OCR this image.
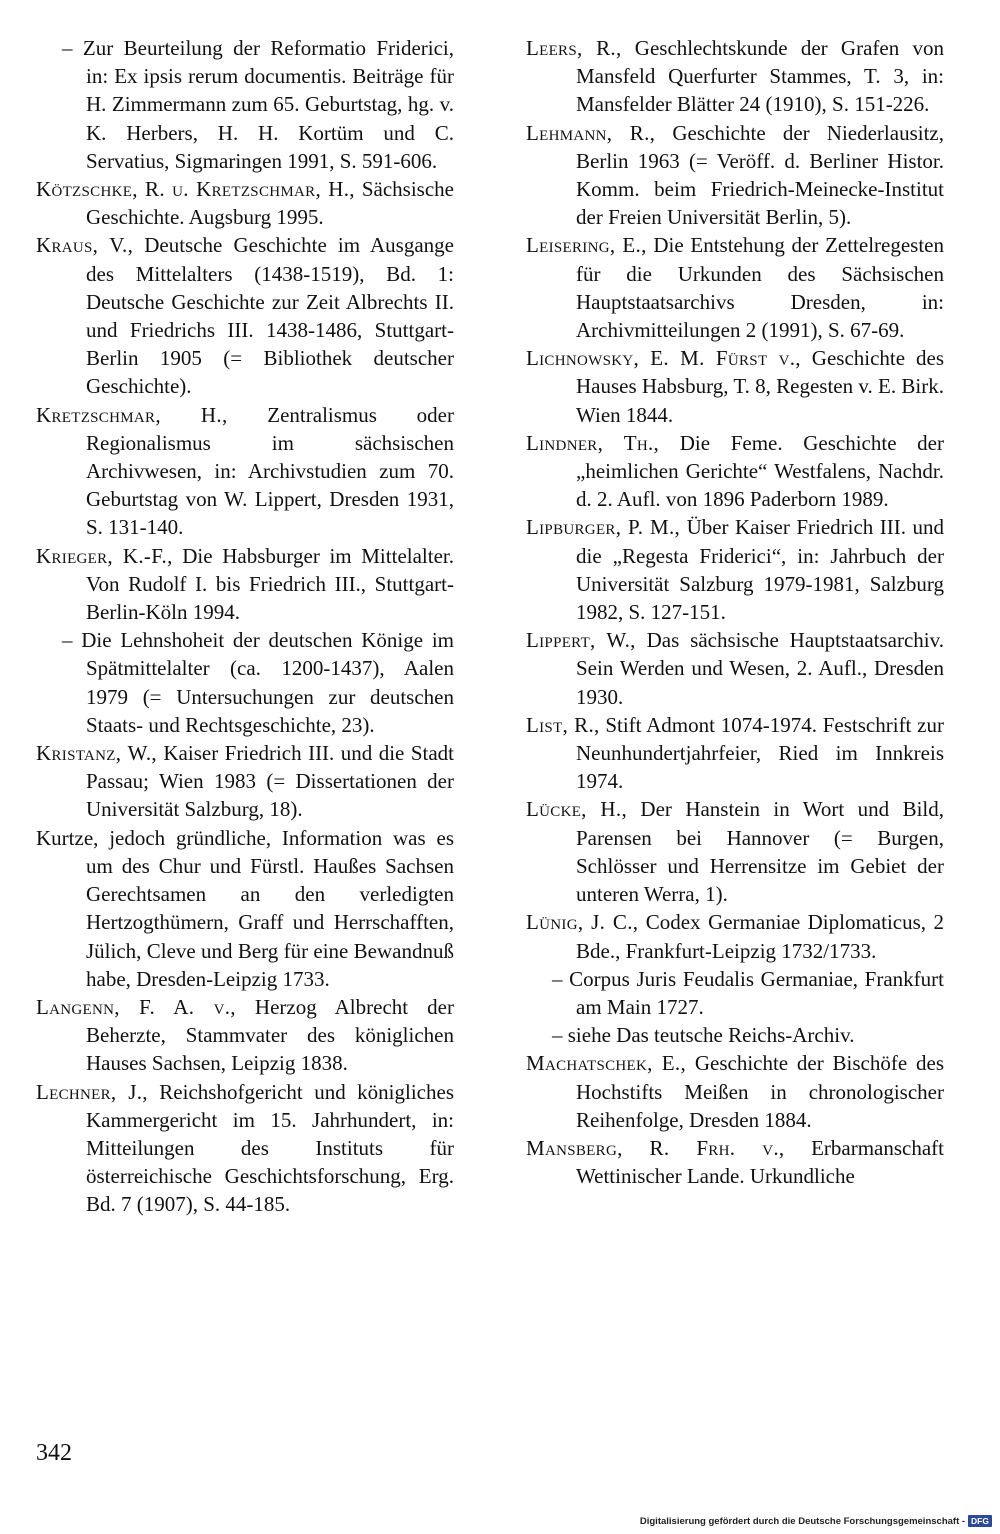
– Zur Beurteilung der Reformatio Friderici, in: Ex ipsis rerum documentis. Beiträge für H. Zimmermann zum 65. Geburtstag, hg. v. K. Herbers, H. H. Kortüm und C. Servatius, Sigmaringen 1991, S. 591-606.

Kötzschke, R. u. Kretzschmar, H., Sächsische Geschichte. Augsburg 1995.

Kraus, V., Deutsche Geschichte im Ausgange des Mittelalters (1438-1519), Bd. 1: Deutsche Geschichte zur Zeit Albrechts II. und Friedrichs III. 1438-1486, Stuttgart-Berlin 1905 (= Bibliothek deutscher Geschichte).

Kretzschmar, H., Zentralismus oder Regionalismus im sächsischen Archivwesen, in: Archivstudien zum 70. Geburtstag von W. Lippert, Dresden 1931, S. 131-140.

Krieger, K.-F., Die Habsburger im Mittelalter. Von Rudolf I. bis Friedrich III., Stuttgart-Berlin-Köln 1994.

– Die Lehnshoheit der deutschen Könige im Spätmittelalter (ca. 1200-1437), Aalen 1979 (= Untersuchungen zur deutschen Staats- und Rechtsgeschichte, 23).

Kristanz, W., Kaiser Friedrich III. und die Stadt Passau; Wien 1983 (= Dissertationen der Universität Salzburg, 18).

Kurtze, jedoch gründliche, Information was es um des Chur und Fürstl. Haußes Sachsen Gerechtsamen an den verledigten Hertzogthümern, Graff und Herrschafften, Jülich, Cleve und Berg für eine Bewandnuß habe, Dresden-Leipzig 1733.

Langenn, F. A. v., Herzog Albrecht der Beherzte, Stammvater des königlichen Hauses Sachsen, Leipzig 1838.

Lechner, J., Reichshofgericht und königliches Kammergericht im 15. Jahrhundert, in: Mitteilungen des Instituts für österreichische Geschichtsforschung, Erg. Bd. 7 (1907), S. 44-185.

Leers, R., Geschlechtskunde der Grafen von Mansfeld Querfurter Stammes, T. 3, in: Mansfelder Blätter 24 (1910), S. 151-226.

Lehmann, R., Geschichte der Niederlausitz, Berlin 1963 (= Veröff. d. Berliner Histor. Komm. beim Friedrich-Meinecke-Institut der Freien Universität Berlin, 5).

Leisering, E., Die Entstehung der Zettelregesten für die Urkunden des Sächsischen Hauptstaatsarchivs Dresden, in: Archivmitteilungen 2 (1991), S. 67-69.

Lichnowsky, E. M. Fürst v., Geschichte des Hauses Habsburg, T. 8, Regesten v. E. Birk. Wien 1844.

Lindner, Th., Die Feme. Geschichte der „heimlichen Gerichte“ Westfalens, Nachdr. d. 2. Aufl. von 1896 Paderborn 1989.

Lipburger, P. M., Über Kaiser Friedrich III. und die „Regesta Friderici“, in: Jahrbuch der Universität Salzburg 1979-1981, Salzburg 1982, S. 127-151.

Lippert, W., Das sächsische Hauptstaatsarchiv. Sein Werden und Wesen, 2. Aufl., Dresden 1930.

List, R., Stift Admont 1074-1974. Festschrift zur Neunhundertjahrfeier, Ried im Innkreis 1974.

Lücke, H., Der Hanstein in Wort und Bild, Parensen bei Hannover (= Burgen, Schlösser und Herrensitze im Gebiet der unteren Werra, 1).

Lünig, J. C., Codex Germaniae Diplomaticus, 2 Bde., Frankfurt-Leipzig 1732/1733.

– Corpus Juris Feudalis Germaniae, Frankfurt am Main 1727.

– siehe Das teutsche Reichs-Archiv.

Machatschek, E., Geschichte der Bischöfe des Hochstifts Meißen in chronologischer Reihenfolge, Dresden 1884.

Mansberg, R. Frh. v., Erbarmanschaft Wettinischer Lande. Urkundliche

342

Digitalisierung gefördert durch die Deutsche Forschungsgemeinschaft - DFG
